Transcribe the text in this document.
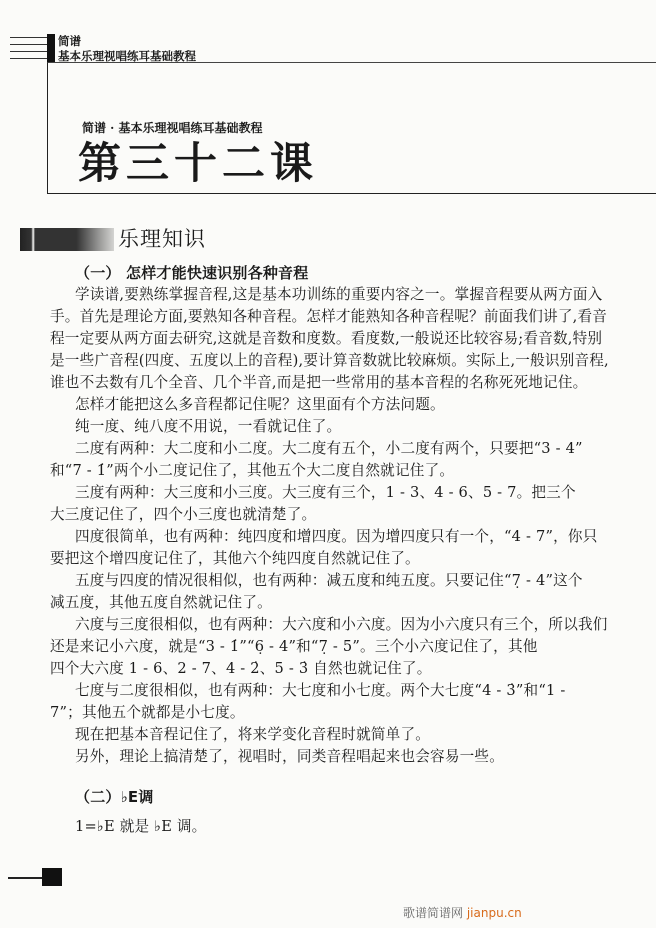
简谱
基本乐理视唱练耳基础教程
简谱 · 基本乐理视唱练耳基础教程
第三十二课
乐理知识
（一） 怎样才能快速识别各种音程
学读谱,要熟练掌握音程,这是基本功训练的重要内容之一。掌握音程要从两方面入
手。首先是理论方面,要熟知各种音程。怎样才能熟知各种音程呢？前面我们讲了,看音
程一定要从两方面去研究,这就是音数和度数。看度数,一般说还比较容易;看音数,特别
是一些广音程(四度、五度以上的音程),要计算音数就比较麻烦。实际上,一般识别音程,
谁也不去数有几个全音、几个半音,而是把一些常用的基本音程的名称死死地记住。
怎样才能把这么多音程都记住呢？这里面有个方法问题。
纯一度、纯八度不用说，一看就记住了。
二度有两种：大二度和小二度。大二度有五个，小二度有两个，只要把“3 - 4”
和“7 - 1̇”两个小二度记住了，其他五个大二度自然就记住了。
三度有两种：大三度和小三度。大三度有三个，1 - 3、4 - 6、5 - 7。把三个
大三度记住了，四个小三度也就清楚了。
四度很简单，也有两种：纯四度和增四度。因为增四度只有一个，“4 - 7”，你只
要把这个增四度记住了，其他六个纯四度自然就记住了。
五度与四度的情况很相似，也有两种：减五度和纯五度。只要记住“7̣ - 4”这个
减五度，其他五度自然就记住了。
六度与三度很相似，也有两种：大六度和小六度。因为小六度只有三个，所以我们
还是来记小六度，就是“3 - 1̇”“6̣ - 4”和“7̣ - 5”。三个小六度记住了，其他
四个大六度 1 - 6、2 - 7、4 - 2̇、5 - 3̇ 自然也就记住了。
七度与二度很相似，也有两种：大七度和小七度。两个大七度“4 - 3̇”和“1 -
7”；其他五个就都是小七度。
现在把基本音程记住了，将来学变化音程时就简单了。
另外，理论上搞清楚了，视唱时，同类音程唱起来也会容易一些。
（二）♭E调
1=♭E 就是 ♭E 调。
歌谱简谱网 jianpu.cn
